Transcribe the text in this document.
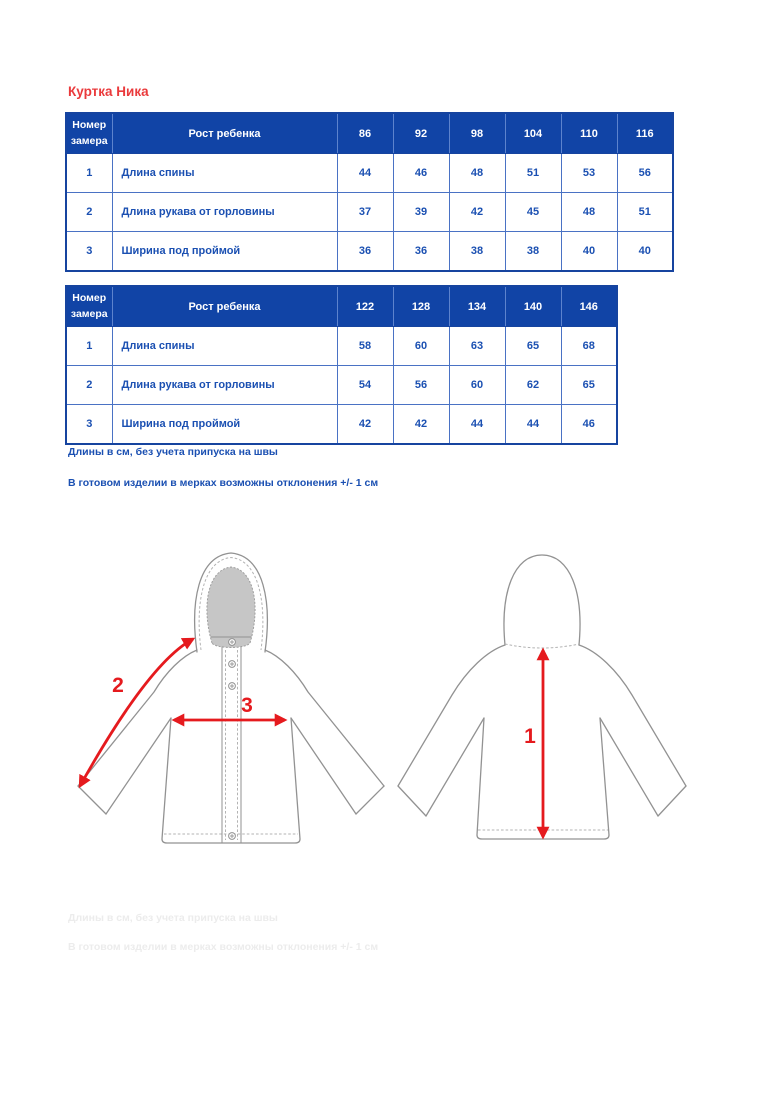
Куртка Ника
Номер замера	Рост ребенка	86	92	98	104	110	116
1	Длина спины	44	46	48	51	53	56
2	Длина рукава от горловины	37	39	42	45	48	51
3	Ширина под проймой	36	36	38	38	40	40
Номер замера	Рост ребенка	122	128	134	140	146
1	Длина спины	58	60	63	65	68
2	Длина рукава от горловины	54	56	60	62	65
3	Ширина под проймой	42	42	44	44	46

Длины в см, без учета припуска на швы

В готовом изделии в мерках возможны отклонения +/- 1 см

2
3
1

Длины в см, без учета припуска на швы

В готовом изделии в мерках возможны отклонения +/- 1 см
